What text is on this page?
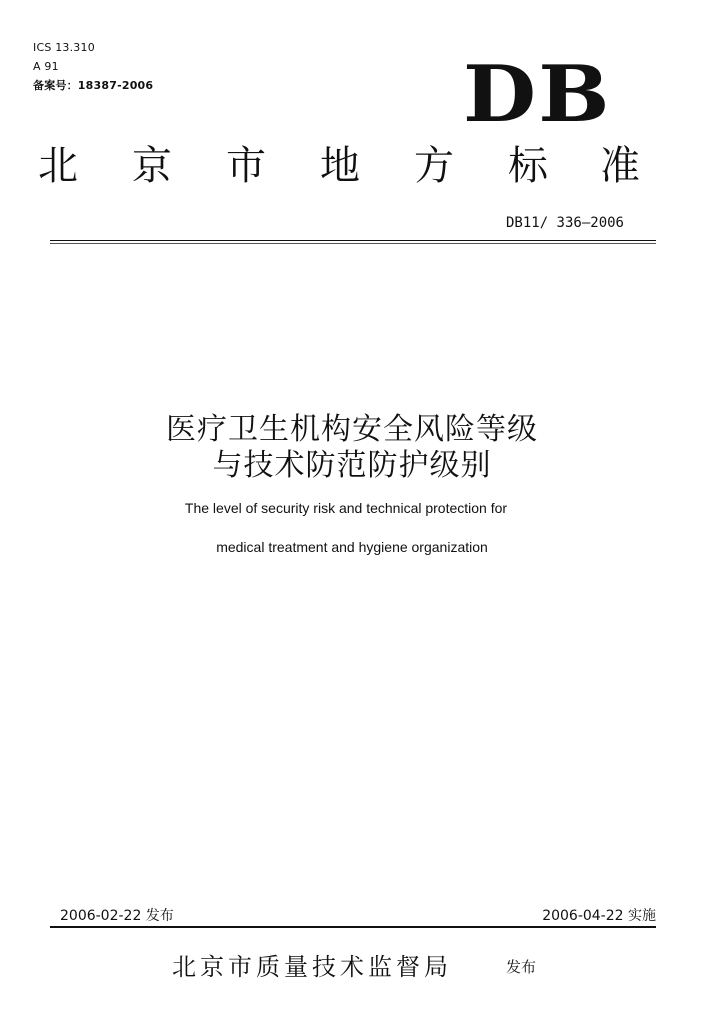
ICS 13.310
A 91
备案号：18387-2006	DB
北 京 市 地 方 标 准
DB11/ 336—2006
医疗卫生机构安全风险等级
与技术防范防护级别
The level of security risk and technical protection for
medical treatment and hygiene organization
2006-02-22 发布	2006-04-22 实施
北京市质量技术监督局	发布
